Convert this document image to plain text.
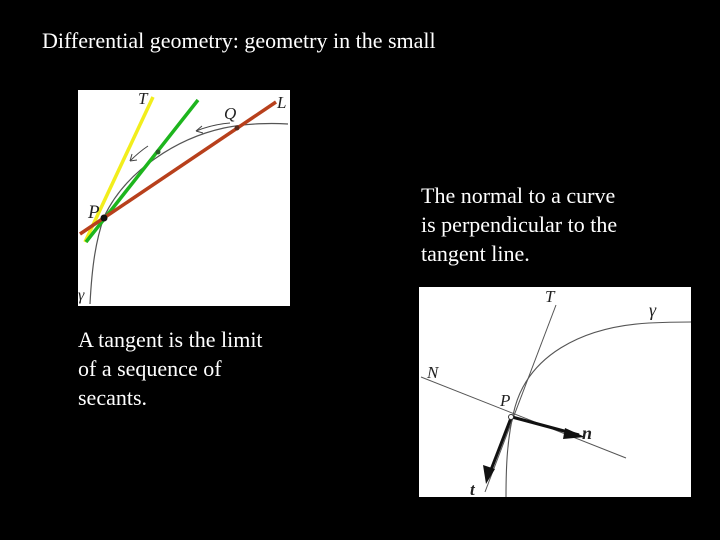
Differential geometry: geometry in the small
T
Q
L
P
γ
The normal to a curve
is perpendicular to the
tangent line.
A tangent is the limit
of a sequence of
secants.
T
γ
N
P
n
t
